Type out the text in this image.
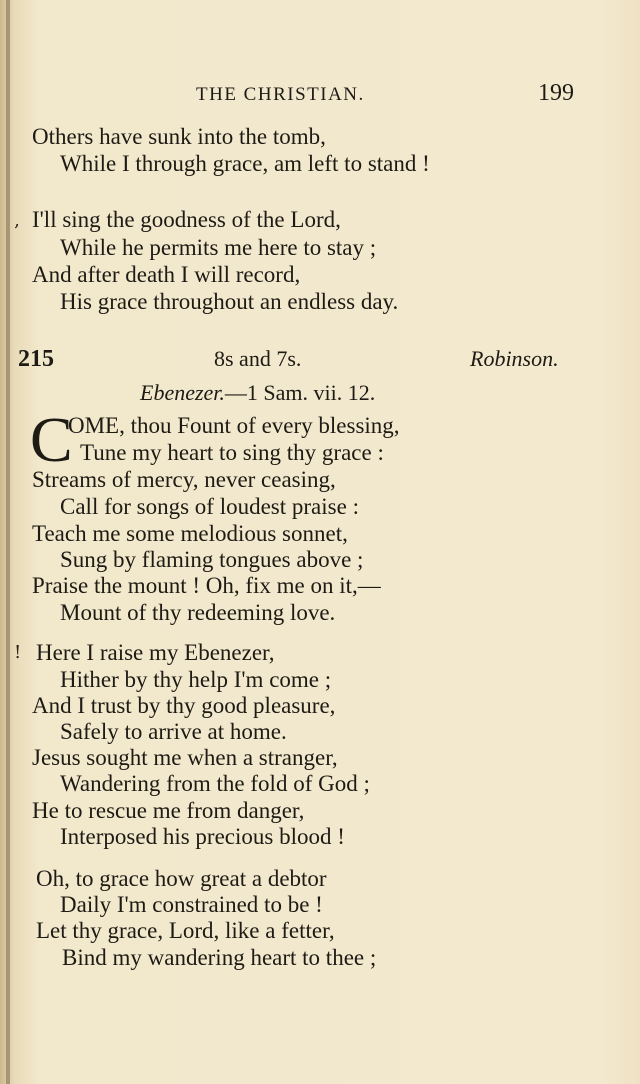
THE CHRISTIAN.	199
Others have sunk into the tomb,
While I through grace, am left to stand !
‚ I'll sing the goodness of the Lord,
While he permits me here to stay ;
And after death I will record,
His grace throughout an endless day.
215	8s and 7s.	Robinson.
Ebenezer.—1 Sam. vii. 12.
C
OME, thou Fount of every blessing,
Tune my heart to sing thy grace :
Streams of mercy, never ceasing,
Call for songs of loudest praise :
Teach me some melodious sonnet,
Sung by flaming tongues above ;
Praise the mount ! Oh, fix me on it,—
Mount of thy redeeming love.
! Here I raise my Ebenezer,
Hither by thy help I'm come ;
And I trust by thy good pleasure,
Safely to arrive at home.
Jesus sought me when a stranger,
Wandering from the fold of God ;
He to rescue me from danger,
Interposed his precious blood !
Oh, to grace how great a debtor
Daily I'm constrained to be !
Let thy grace, Lord, like a fetter,
Bind my wandering heart to thee ;
